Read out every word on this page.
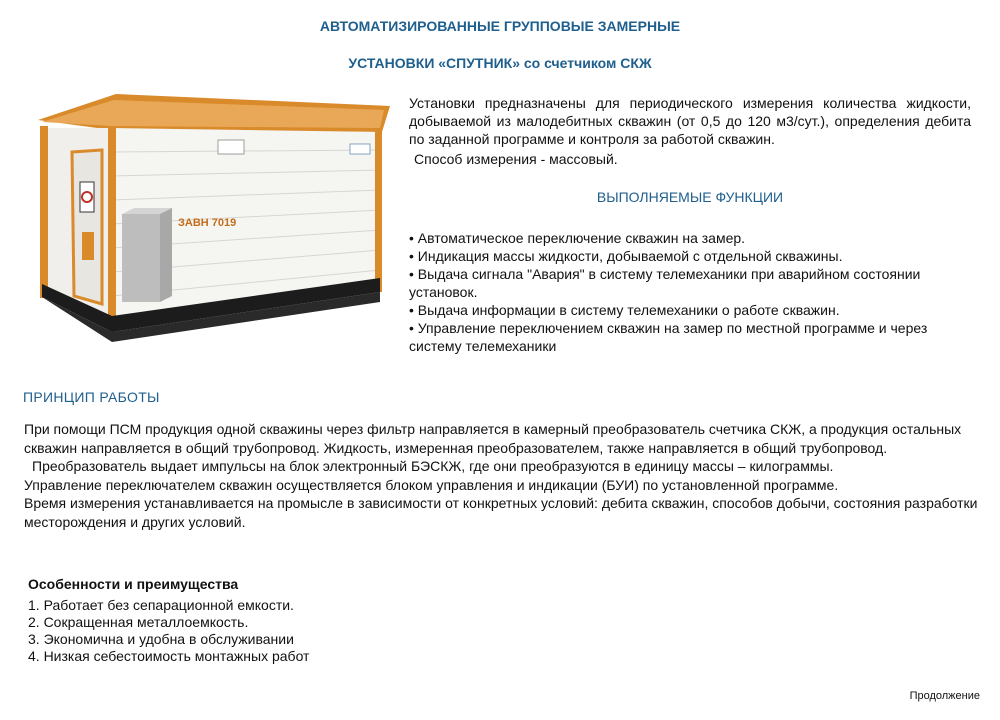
АВТОМАТИЗИРОВАННЫЕ ГРУППОВЫЕ ЗАМЕРНЫЕ
УСТАНОВКИ «СПУТНИК» со счетчиком СКЖ
ЗАВН 7019
Установки предназначены для периодического измерения количества жидкости, добываемой из малодебитных скважин (от 0,5 до 120 м3/сут.), определения дебита по заданной программе и контроля за работой скважин.
Способ измерения - массовый.
ВЫПОЛНЯЕМЫЕ ФУНКЦИИ
• Автоматическое переключение скважин на замер.
• Индикация массы жидкости, добываемой с отдельной скважины.
• Выдача сигнала "Авария" в систему телемеханики при аварийном состоянии установок.
• Выдача информации в систему телемеханики о работе скважин.
• Управление переключением скважин на замер по местной программе и через систему телемеханики
ПРИНЦИП РАБОТЫ

При помощи ПСМ продукция одной скважины через фильтр направляется в камерный преобразователь счетчика СКЖ, а продукция остальных скважин направляется в общий трубопровод. Жидкость, измеренная преобразователем, также направляется в общий трубопровод.

Преобразователь выдает импульсы на блок электронный БЭСКЖ, где они преобразуются в единицу массы – килограммы.

Управление переключателем скважин осуществляется блоком управления и индикации (БУИ) по установленной программе.

Время измерения устанавливается на промысле в зависимости от конкретных условий: дебита скважин, способов добычи, состояния разработки месторождения и других условий.

Особенности и преимущества
1. Работает без сепарационной емкости.
2. Сокращенная металлоемкость.
3. Экономична и удобна в обслуживании
4. Низкая себестоимость монтажных работ
Продолжение
